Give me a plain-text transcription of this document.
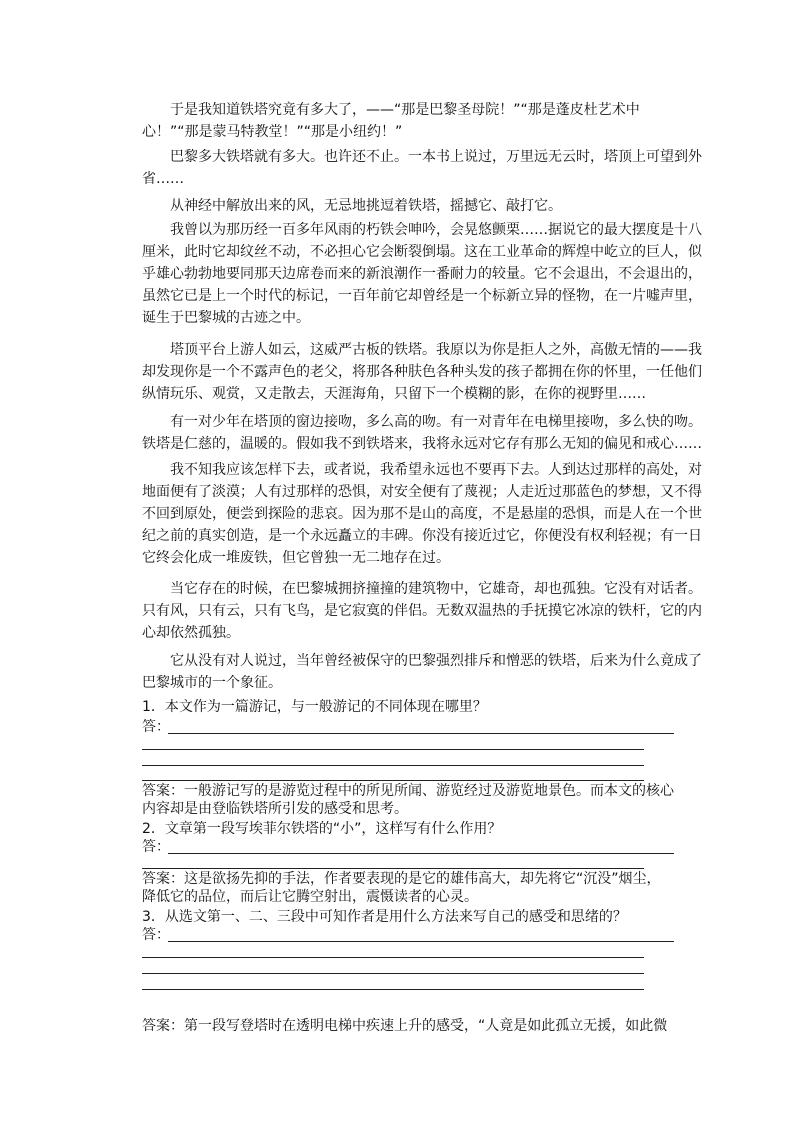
　　于是我知道铁塔究竟有多大了，——“那是巴黎圣母院！”“那是蓬皮杜艺术中
心！”“那是蒙马特教堂！”“那是小纽约！”
　　巴黎多大铁塔就有多大。也许还不止。一本书上说过，万里远无云时，塔顶上可望到外
省……
　　从神经中解放出来的风，无忌地挑逗着铁塔，摇撼它、敲打它。
　　我曾以为那历经一百多年风雨的朽铁会呻吟，会晃悠颤栗……据说它的最大摆度是十八
厘米，此时它却纹丝不动，不必担心它会断裂倒塌。这在工业革命的辉煌中屹立的巨人，似
乎雄心勃勃地要同那天边席卷而来的新浪潮作一番耐力的较量。它不会退出，不会退出的，
虽然它已是上一个时代的标记，一百年前它却曾经是一个标新立异的怪物，在一片嘘声里，
诞生于巴黎城的古迹之中。
　　塔顶平台上游人如云，这威严古板的铁塔。我原以为你是拒人之外，高傲无情的——我
却发现你是一个不露声色的老父，将那各种肤色各种头发的孩子都拥在你的怀里，一任他们
纵情玩乐、观赏，又走散去，天涯海角，只留下一个模糊的影，在你的视野里……
　　有一对少年在塔顶的窗边接吻，多么高的吻。有一对青年在电梯里接吻，多么快的吻。
铁塔是仁慈的，温暖的。假如我不到铁塔来，我将永远对它存有那么无知的偏见和戒心……
　　我不知我应该怎样下去，或者说，我希望永远也不要再下去。人到达过那样的高处，对
地面便有了淡漠；人有过那样的恐惧，对安全便有了蔑视；人走近过那蓝色的梦想，又不得
不回到原处，便尝到探险的悲哀。因为那不是山的高度，不是悬崖的恐惧，而是人在一个世
纪之前的真实创造，是一个永远矗立的丰碑。你没有接近过它，你便没有权利轻视；有一日
它终会化成一堆废铁，但它曾独一无二地存在过。
　　当它存在的时候，在巴黎城拥挤撞撞的建筑物中，它雄奇，却也孤独。它没有对话者。
只有风，只有云，只有飞鸟，是它寂寞的伴侣。无数双温热的手抚摸它冰凉的铁杆，它的内
心却依然孤独。
　　它从没有对人说过，当年曾经被保守的巴黎强烈排斥和憎恶的铁塔，后来为什么竟成了
巴黎城市的一个象征。
1．本文作为一篇游记，与一般游记的不同体现在哪里？
答：
答案：一般游记写的是游览过程中的所见所闻、游览经过及游览地景色。而本文的核心
内容却是由登临铁塔所引发的感受和思考。
2．文章第一段写埃菲尔铁塔的“小”，这样写有什么作用？
答：
答案：这是欲扬先抑的手法，作者要表现的是它的雄伟高大，却先将它“沉没”烟尘，
降低它的品位，而后让它腾空射出，震慑读者的心灵。
3．从选文第一、二、三段中可知作者是用什么方法来写自己的感受和思绪的？
答：
答案：第一段写登塔时在透明电梯中疾速上升的感受，“人竟是如此孤立无援，如此微
